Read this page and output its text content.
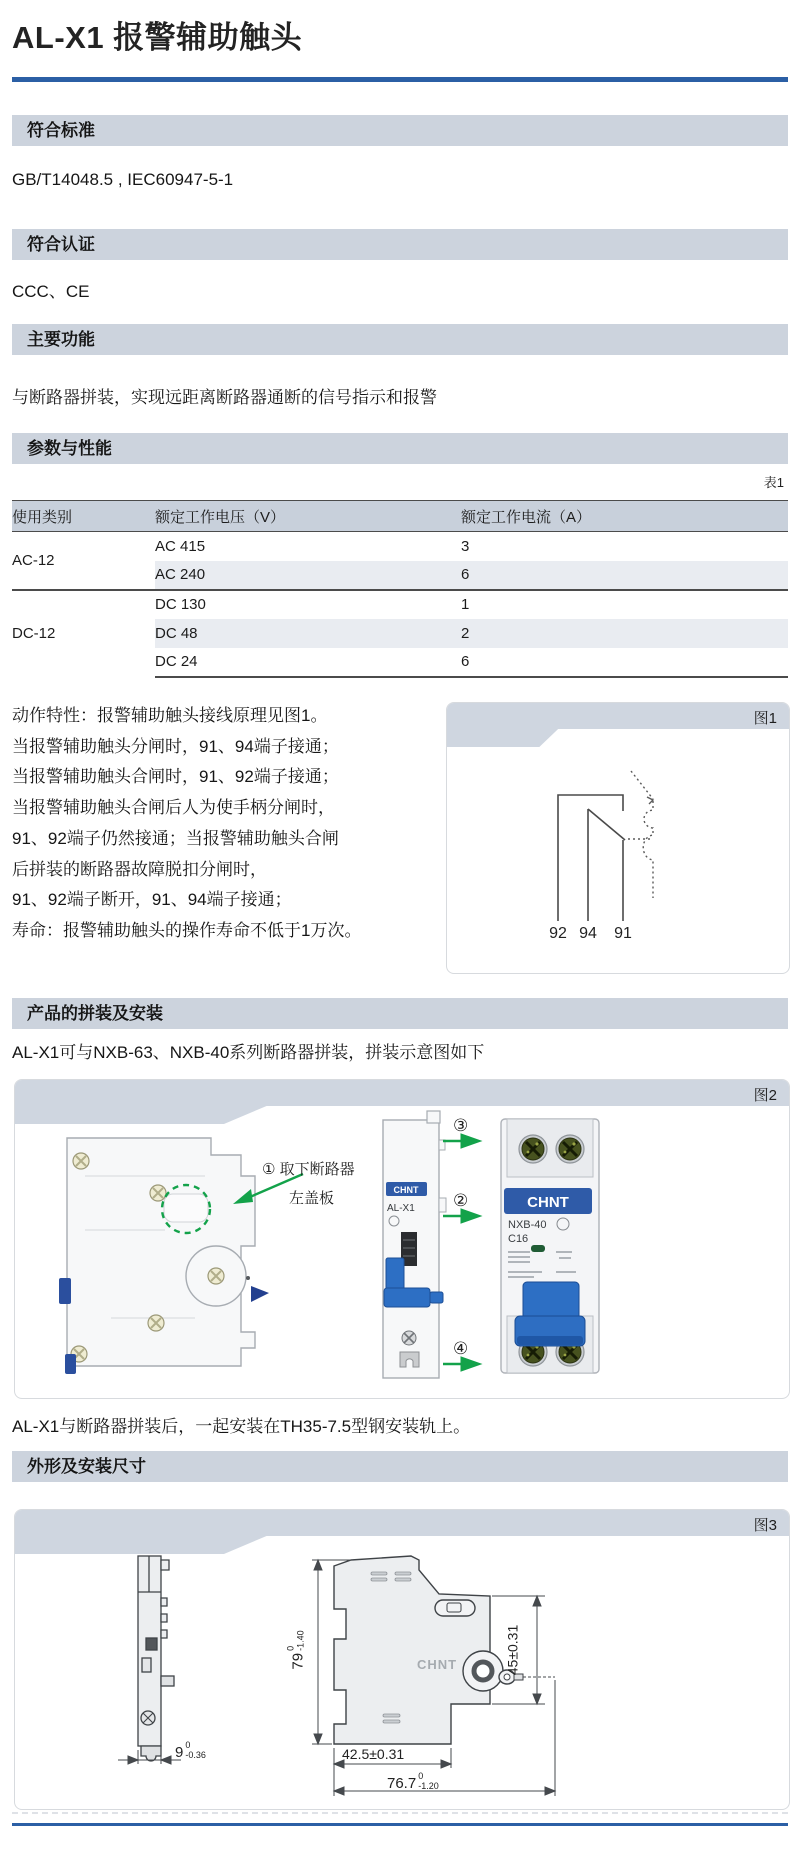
AL-X1 报警辅助触头
符合标准
GB/T14048.5 , IEC60947-5-1
符合认证
CCC、CE
主要功能
与断路器拼装，实现远距离断路器通断的信号指示和报警
参数与性能
表1
使用类别	额定工作电压（V）	额定工作电流（A）
AC-12	AC 415	3
	AC 240	6
DC-12	DC 130	1
	DC 48	2
	DC 24	6
动作特性：报警辅助触头接线原理见图1。
当报警辅助触头分闸时，91、94端子接通；
当报警辅助触头合闸时，91、92端子接通；
当报警辅助触头合闸后人为使手柄分闸时，
91、92端子仍然接通；当报警辅助触头合闸
后拼装的断路器故障脱扣分闸时，
91、92端子断开，91、94端子接通；
寿命：报警辅助触头的操作寿命不低于1万次。
图1
92 94	91
产品的拼装及安装
AL-X1可与NXB-63、NXB-40系列断路器拼装，拼装示意图如下
图2
CHNT
AL-X1	CHNT
NXB-40
C16
① 取下断路器
左盖板
③
②
④
AL-X1与断路器拼装后，一起安装在TH35-7.5型钢安装轨上。
外形及安装尺寸
图3
CHNT
9 0
-0.36
79
0 -1.40	45±0.31
42.5±0.31
76.7 0
-1.20
